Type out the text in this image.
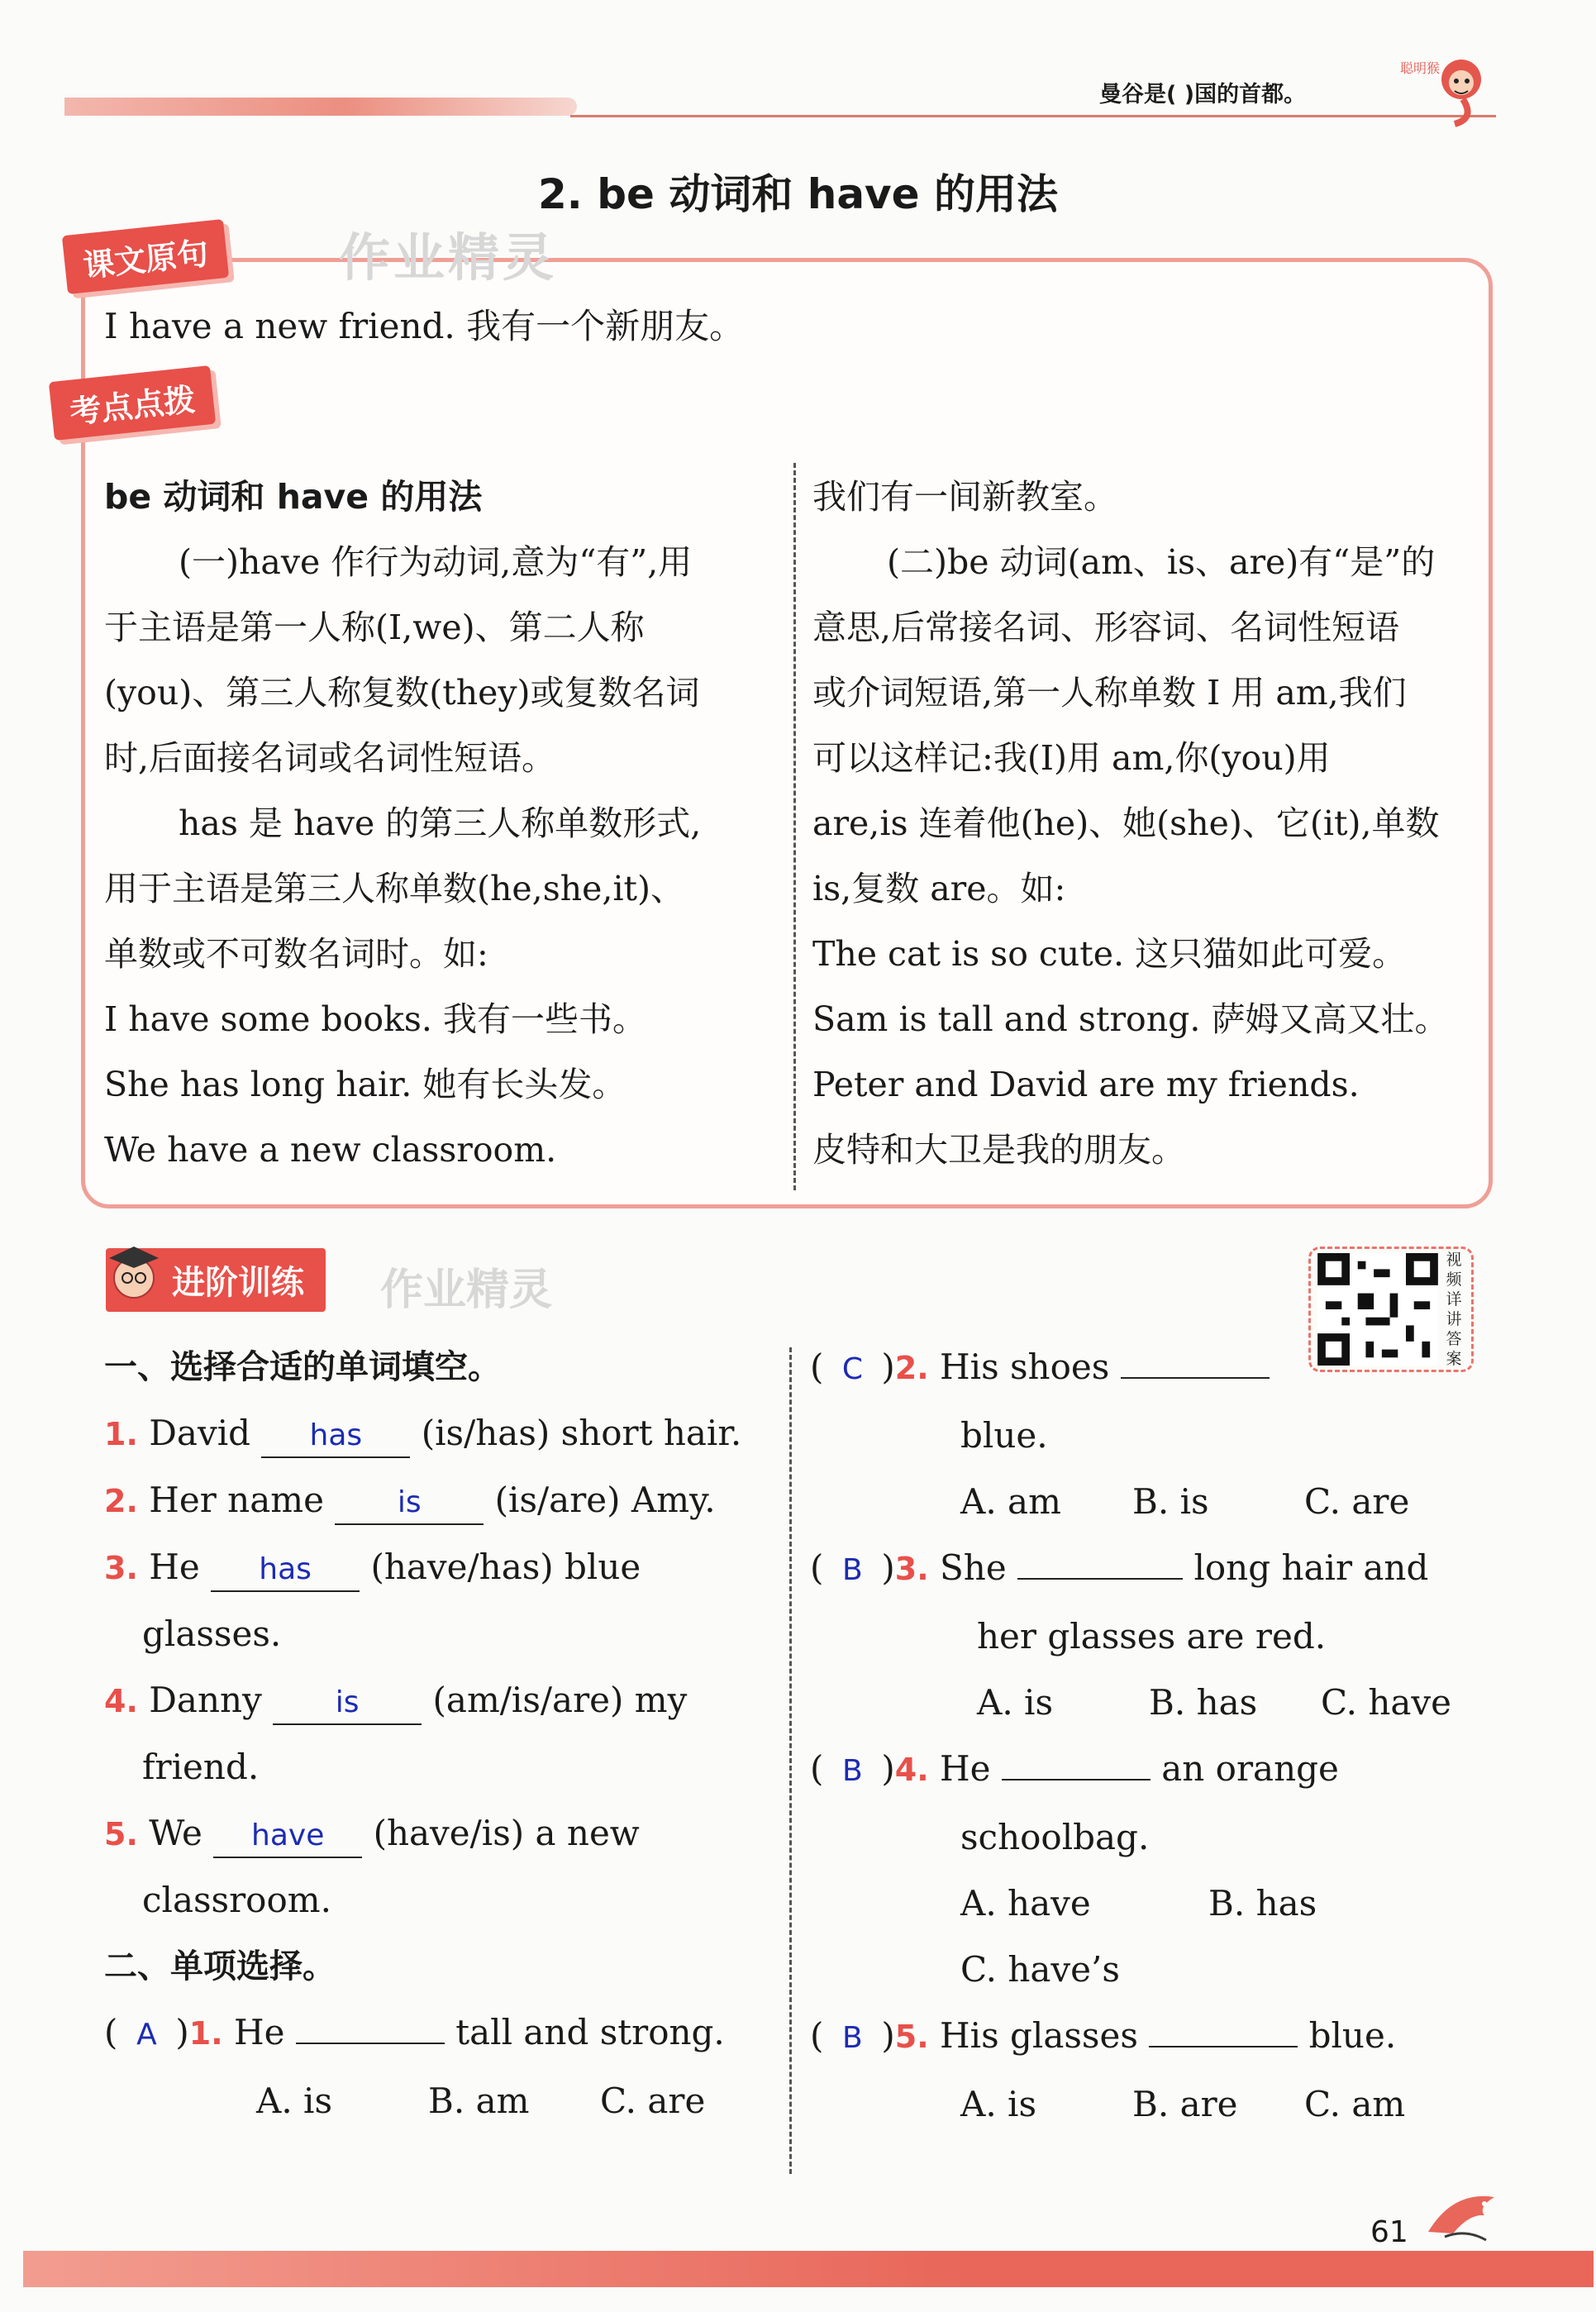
曼谷是( )国的首都。
聪明猴
2. be 动词和 have 的用法
课文原句	作业精灵
I have a new friend. 我有一个新朋友。
考点点拨
be 动词和 have 的用法
(一)have 作行为动词,意为“有”,用
于主语是第一人称(I,we)、第二人称
(you)、第三人称复数(they)或复数名词
时,后面接名词或名词性短语。
has 是 have 的第三人称单数形式,
用于主语是第三人称单数(he,she,it)、
单数或不可数名词时。如:
I have some books. 我有一些书。
She has long hair. 她有长头发。
We have a new classroom.
我们有一间新教室。
(二)be 动词(am、is、are)有“是”的
意思,后常接名词、形容词、名词性短语
或介词短语,第一人称单数 I 用 am,我们
可以这样记:我(I)用 am,你(you)用
are,is 连着他(he)、她(she)、它(it),单数
is,复数 are。如:
The cat is so cute. 这只猫如此可爱。
Sam is tall and strong. 萨姆又高又壮。
Peter and David are my friends.
皮特和大卫是我的朋友。
进阶训练	作业精灵
视频详讲答案
一、选择合适的单词填空。
1. David has (is/has) short hair.
2. Her name is (is/are) Amy.
3. He has (have/has) blue
glasses.
4. Danny is (am/is/are) my
friend.
5. We have (have/is) a new
classroom.
二、单项选择。
( A )1. He	tall and strong.
A. is	B. am C. are
( C )2. His shoes
blue.
A. am B. is	C. are
( B )3. She	long hair and
her glasses are red.
A. is	B. has C. have
( B )4. He	an orange
schoolbag.
A. have	B. has
C. have’s
( B )5. His glasses	blue.
A. is	B. are C. am
61
